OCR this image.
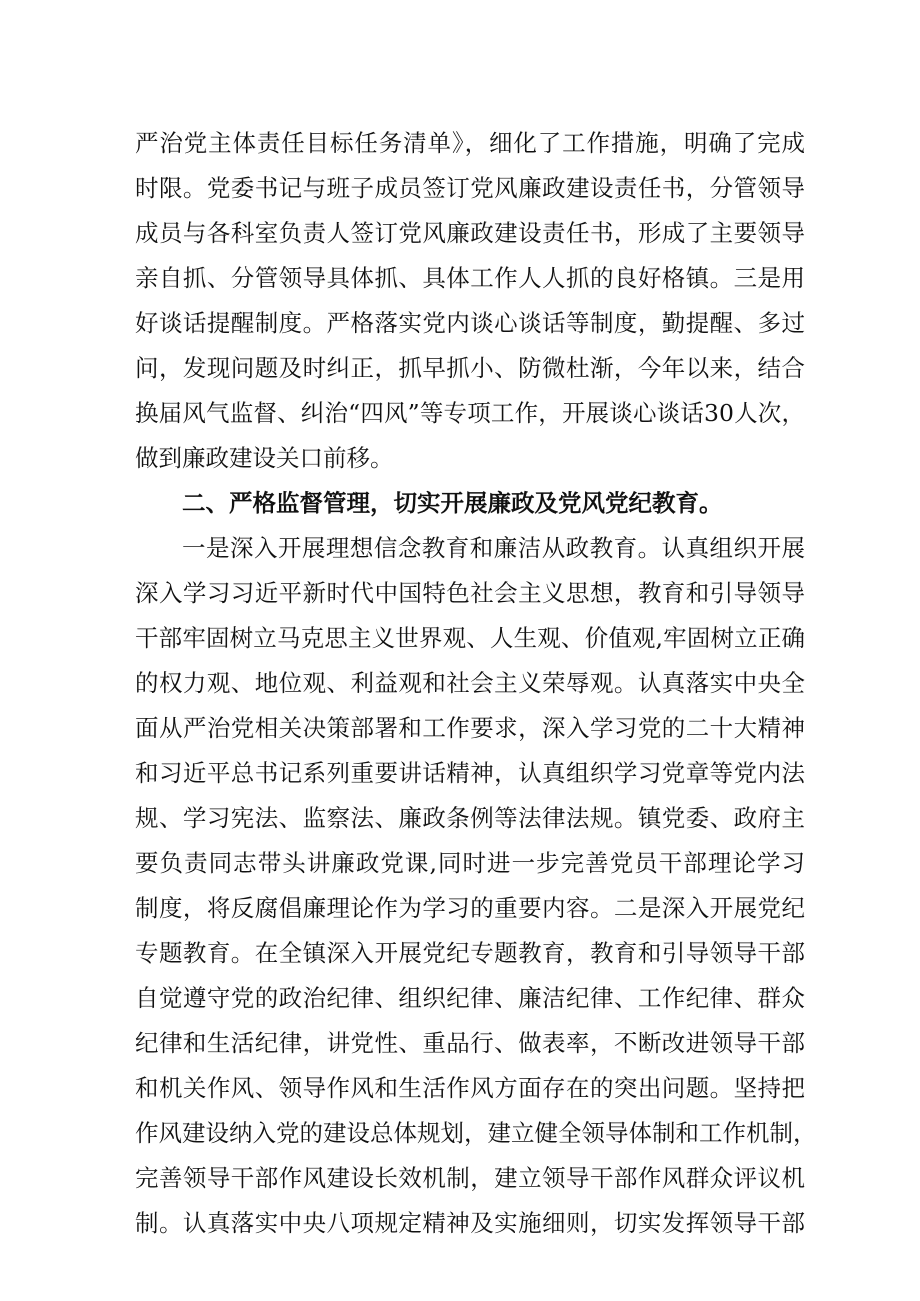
严治党主体责任目标任务清单》，细化了工作措施，明确了完成
时限。党委书记与班子成员签订党风廉政建设责任书，分管领导
成员与各科室负责人签订党风廉政建设责任书，形成了主要领导
亲自抓、分管领导具体抓、具体工作人人抓的良好格镇。三是用
好谈话提醒制度。严格落实党内谈心谈话等制度，勤提醒、多过
问，发现问题及时纠正，抓早抓小、防微杜渐，今年以来，结合
换届风气监督、纠治“四风”等专项工作，开展谈心谈话30人次，
做到廉政建设关口前移。
二、严格监督管理，切实开展廉政及党风党纪教育。
一是深入开展理想信念教育和廉洁从政教育。认真组织开展
深入学习习近平新时代中国特色社会主义思想，教育和引导领导
干部牢固树立马克思主义世界观、人生观、价值观,牢固树立正确
的权力观、地位观、利益观和社会主义荣辱观。认真落实中央全
面从严治党相关决策部署和工作要求，深入学习党的二十大精神
和习近平总书记系列重要讲话精神，认真组织学习党章等党内法
规、学习宪法、监察法、廉政条例等法律法规。镇党委、政府主
要负责同志带头讲廉政党课,同时进一步完善党员干部理论学习
制度，将反腐倡廉理论作为学习的重要内容。二是深入开展党纪
专题教育。在全镇深入开展党纪专题教育，教育和引导领导干部
自觉遵守党的政治纪律、组织纪律、廉洁纪律、工作纪律、群众
纪律和生活纪律，讲党性、重品行、做表率，不断改进领导干部
和机关作风、领导作风和生活作风方面存在的突出问题。坚持把
作风建设纳入党的建设总体规划，建立健全领导体制和工作机制，
完善领导干部作风建设长效机制，建立领导干部作风群众评议机
制。认真落实中央八项规定精神及实施细则，切实发挥领导干部
